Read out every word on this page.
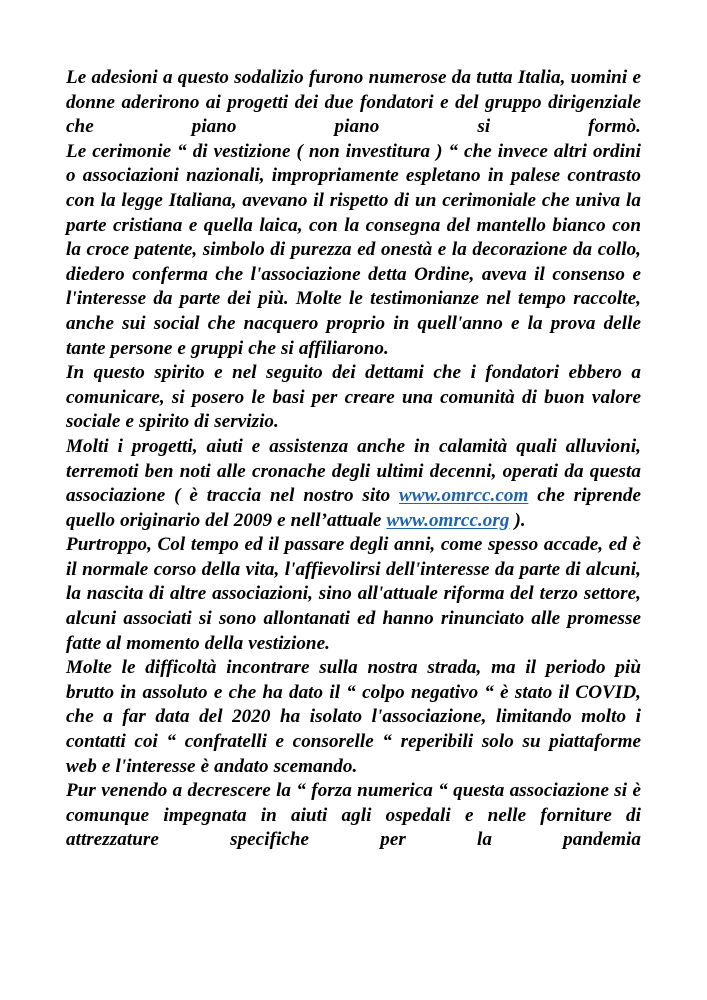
Le adesioni a questo sodalizio furono numerose da tutta Italia, uomini e donne aderirono ai progetti dei due fondatori e del gruppo dirigenziale che piano piano si formò.

Le cerimonie “ di vestizione ( non investitura ) “ che invece altri ordini o associazioni nazionali, impropriamente espletano in palese contrasto con la legge Italiana, avevano il rispetto di un cerimoniale che univa la parte cristiana e quella laica, con la consegna del mantello bianco con la croce patente, simbolo di purezza ed onestà e la decorazione da collo, diedero conferma che l'associazione detta Ordine, aveva il consenso e l'interesse da parte dei più. Molte le testimonianze nel tempo raccolte, anche sui social che nacquero proprio in quell'anno e la prova delle tante persone e gruppi che si affiliarono.

In questo spirito e nel seguito dei dettami che i fondatori ebbero a comunicare, si posero le basi per creare una comunità di buon valore sociale e spirito di servizio.

Molti i progetti, aiuti e assistenza anche in calamità quali alluvioni, terremoti ben noti alle cronache degli ultimi decenni, operati da questa associazione ( è traccia nel nostro sito www.omrcc.com che riprende quello originario del 2009 e nell’attuale www.omrcc.org ).

Purtroppo, Col tempo ed il passare degli anni, come spesso accade, ed è il normale corso della vita, l'affievolirsi dell'interesse da parte di alcuni, la nascita di altre associazioni, sino all'attuale riforma del terzo settore, alcuni associati si sono allontanati ed hanno rinunciato alle promesse fatte al momento della vestizione.

Molte le difficoltà incontrare sulla nostra strada, ma il periodo più brutto in assoluto e che ha dato il “ colpo negativo “ è stato il COVID, che a far data del 2020 ha isolato l'associazione, limitando molto i contatti coi “ confratelli e consorelle “ reperibili solo su piattaforme web e l'interesse è andato scemando.

Pur venendo a decrescere la “ forza numerica “ questa associazione si è comunque impegnata in aiuti agli ospedali e nelle forniture di attrezzature specifiche per la pandemia
